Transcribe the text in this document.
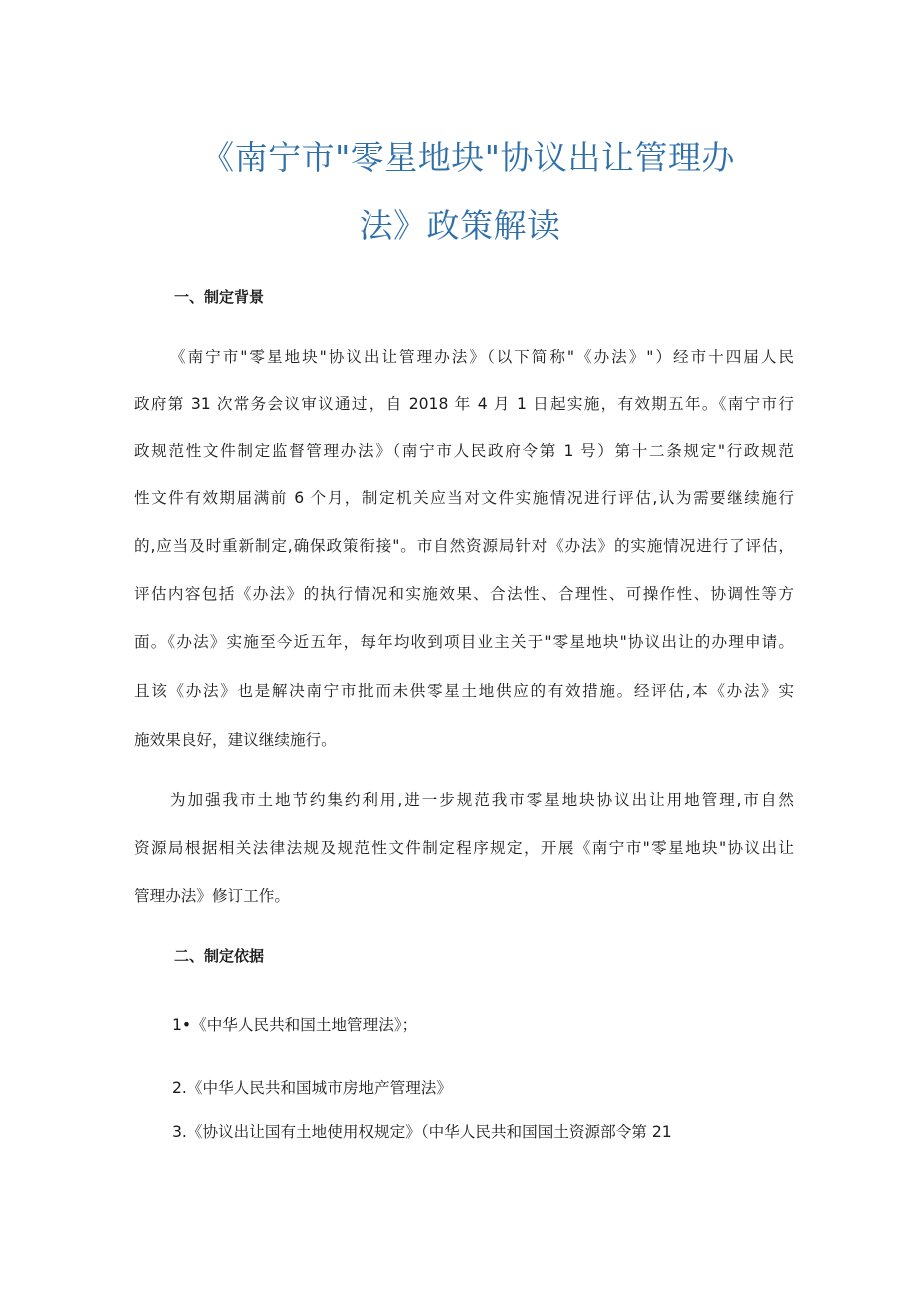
《南宁市"零星地块"协议出让管理办
法》政策解读
一、制定背景
《南宁市"零星地块"协议出让管理办法》（以下简称"《办法》"）经市十四届人民
政府第 31 次常务会议审议通过，自 2018 年 4 月 1 日起实施，有效期五年。《南宁市行
政规范性文件制定监督管理办法》（南宁市人民政府令第 1 号）第十二条规定"行政规范
性文件有效期届满前 6 个月，制定机关应当对文件实施情况进行评估,认为需要继续施行
的,应当及时重新制定,确保政策衔接"。市自然资源局针对《办法》的实施情况进行了评估，
评估内容包括《办法》的执行情况和实施效果、合法性、合理性、可操作性、协调性等方
面。《办法》实施至今近五年，每年均收到项目业主关于"零星地块"协议出让的办理申请。
且该《办法》也是解决南宁市批而未供零星土地供应的有效措施。经评估,本《办法》实
施效果良好，建议继续施行。
为加强我市土地节约集约利用,进一步规范我市零星地块协议出让用地管理,市自然
资源局根据相关法律法规及规范性文件制定程序规定，开展《南宁市"零星地块"协议出让
管理办法》修订工作。
二、制定依据
1•《中华人民共和国土地管理法》；
2.《中华人民共和国城市房地产管理法》
3.《协议出让国有土地使用权规定》（中华人民共和国国土资源部令第 21
